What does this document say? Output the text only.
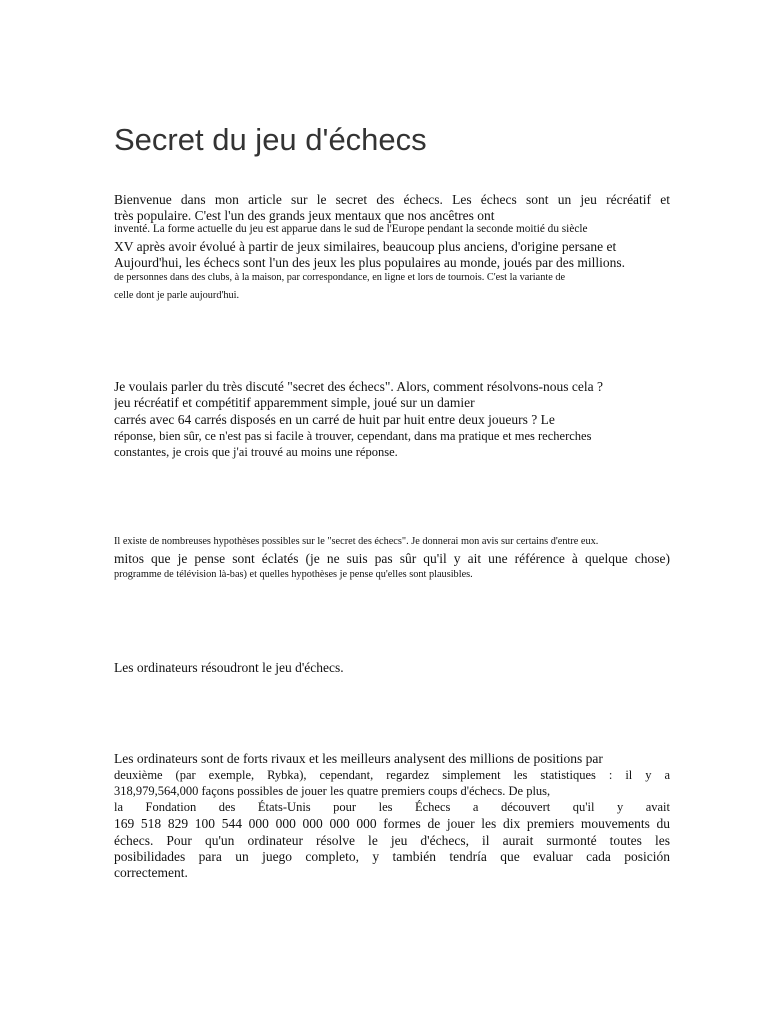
Secret du jeu d'échecs
Bienvenue dans mon article sur le secret des échecs. Les échecs sont un jeu récréatif et
très populaire. C'est l'un des grands jeux mentaux que nos ancêtres ont
inventé. La forme actuelle du jeu est apparue dans le sud de l'Europe pendant la seconde moitié du siècle
XV après avoir évolué à partir de jeux similaires, beaucoup plus anciens, d'origine persane et
Aujourd'hui, les échecs sont l'un des jeux les plus populaires au monde, joués par des millions.
de personnes dans des clubs, à la maison, par correspondance, en ligne et lors de tournois. C'est la variante de
celle dont je parle aujourd'hui.
Je voulais parler du très discuté "secret des échecs". Alors, comment résolvons-nous cela ?
jeu récréatif et compétitif apparemment simple, joué sur un damier
carrés avec 64 carrés disposés en un carré de huit par huit entre deux joueurs ? Le
réponse, bien sûr, ce n'est pas si facile à trouver, cependant, dans ma pratique et mes recherches
constantes, je crois que j'ai trouvé au moins une réponse.
Il existe de nombreuses hypothèses possibles sur le "secret des échecs". Je donnerai mon avis sur certains d'entre eux.
mitos que je pense sont éclatés (je ne suis pas sûr qu'il y ait une référence à quelque chose)
programme de télévision là-bas) et quelles hypothèses je pense qu'elles sont plausibles.
Les ordinateurs résoudront le jeu d'échecs.
Les ordinateurs sont de forts rivaux et les meilleurs analysent des millions de positions par
deuxième (par exemple, Rybka), cependant, regardez simplement les statistiques : il y a
318,979,564,000 façons possibles de jouer les quatre premiers coups d'échecs. De plus,
la Fondation des États-Unis pour les Échecs a découvert qu'il y avait
169 518 829 100 544 000 000 000 000 000 formes de jouer les dix premiers mouvements du
échecs. Pour qu'un ordinateur résolve le jeu d'échecs, il aurait surmonté toutes les
posibilidades para un juego completo, y también tendría que evaluar cada posición
correctement.
